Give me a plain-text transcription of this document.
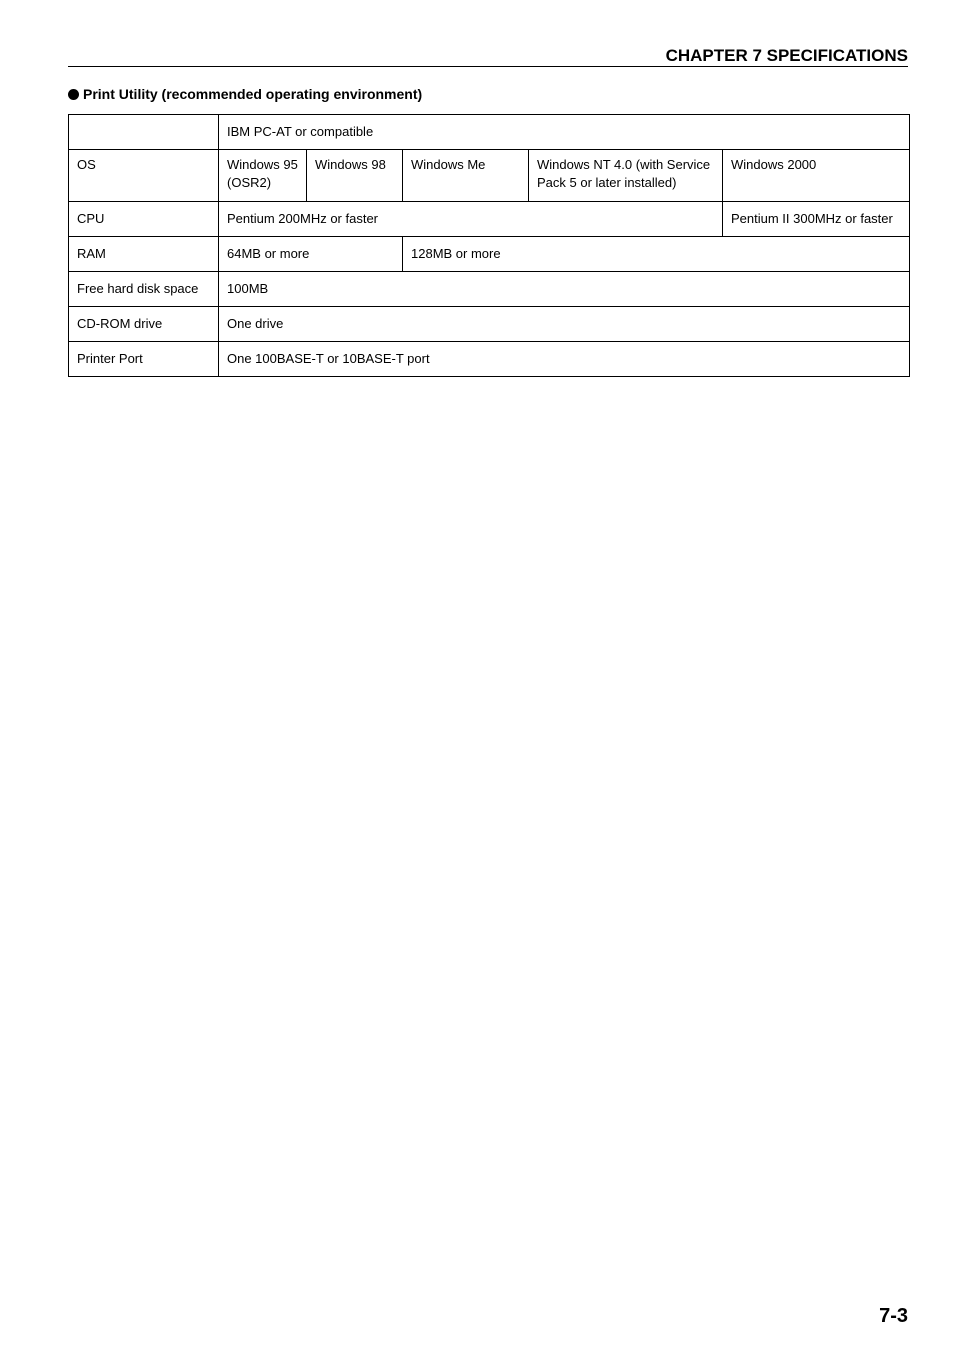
CHAPTER 7 SPECIFICATIONS
Print Utility (recommended operating environment)
	IBM PC-AT or compatible				
OS	Windows 95 (OSR2)	Windows 98	Windows Me	Windows NT 4.0 (with Service Pack 5 or later installed)	Windows 2000
CPU	Pentium 200MHz or faster				Pentium II 300MHz or faster
RAM	64MB or more		128MB or more		
Free hard disk space	100MB				
CD-ROM drive	One drive				
Printer Port	One 100BASE-T or 10BASE-T port				
7-3
